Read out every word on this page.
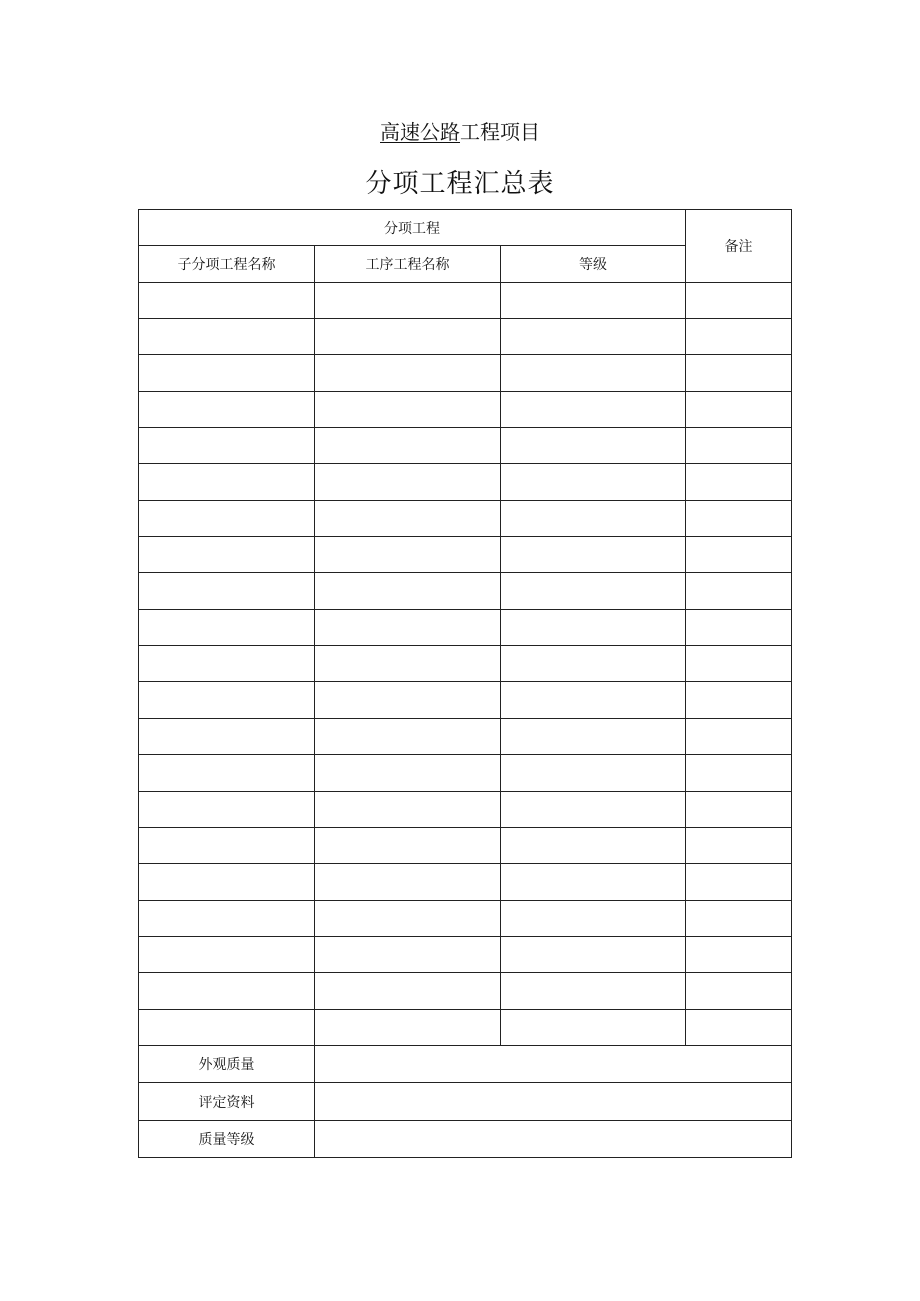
高速公路工程项目
分项工程汇总表
分项工程			备注
子分项工程名称	工序工程名称	等级	

外观质量			
评定资料			
质量等级			
